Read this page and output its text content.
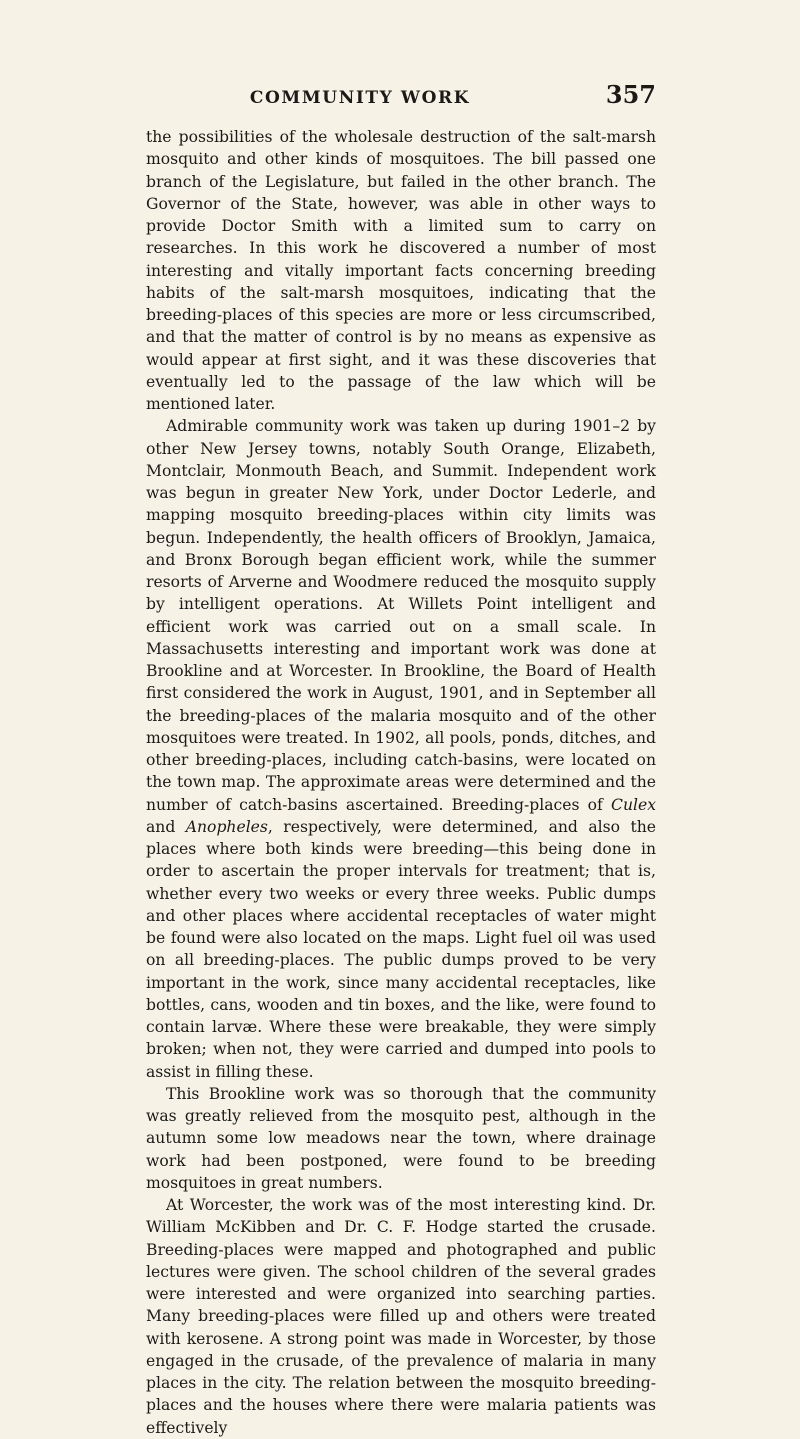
COMMUNITY WORK	357

the possibilities of the wholesale destruction of the salt-marsh mosquito and other kinds of mosquitoes. The bill passed one branch of the Legislature, but failed in the other branch. The Governor of the State, however, was able in other ways to provide Doctor Smith with a limited sum to carry on researches. In this work he discovered a number of most interesting and vitally important facts concerning breeding habits of the salt-marsh mosquitoes, indicating that the breeding-places of this species are more or less circumscribed, and that the matter of control is by no means as expensive as would appear at first sight, and it was these discoveries that eventually led to the passage of the law which will be mentioned later.

Admirable community work was taken up during 1901–2 by other New Jersey towns, notably South Orange, Elizabeth, Montclair, Monmouth Beach, and Summit. Independent work was begun in greater New York, under Doctor Lederle, and mapping mosquito breeding-places within city limits was begun. Independently, the health officers of Brooklyn, Jamaica, and Bronx Borough began efficient work, while the summer resorts of Arverne and Woodmere reduced the mosquito supply by intelligent operations. At Willets Point intelligent and efficient work was carried out on a small scale. In Massachusetts interesting and important work was done at Brookline and at Worcester. In Brookline, the Board of Health first considered the work in August, 1901, and in September all the breeding-places of the malaria mosquito and of the other mosquitoes were treated. In 1902, all pools, ponds, ditches, and other breeding-places, including catch-basins, were located on the town map. The approximate areas were determined and the number of catch-basins ascertained. Breeding-places of Culex and Anopheles, respectively, were determined, and also the places where both kinds were breeding—this being done in order to ascertain the proper intervals for treatment; that is, whether every two weeks or every three weeks. Public dumps and other places where accidental receptacles of water might be found were also located on the maps. Light fuel oil was used on all breeding-places. The public dumps proved to be very important in the work, since many accidental receptacles, like bottles, cans, wooden and tin boxes, and the like, were found to contain larvæ. Where these were breakable, they were simply broken; when not, they were carried and dumped into pools to assist in filling these.

This Brookline work was so thorough that the community was greatly relieved from the mosquito pest, although in the autumn some low meadows near the town, where drainage work had been postponed, were found to be breeding mosquitoes in great numbers.

At Worcester, the work was of the most interesting kind. Dr. William McKibben and Dr. C. F. Hodge started the crusade. Breeding-places were mapped and photographed and public lectures were given. The school children of the several grades were interested and were organized into searching parties. Many breeding-places were filled up and others were treated with kerosene. A strong point was made in Worcester, by those engaged in the crusade, of the prevalence of malaria in many places in the city. The relation between the mosquito breeding-places and the houses where there were malaria patients was effectively
